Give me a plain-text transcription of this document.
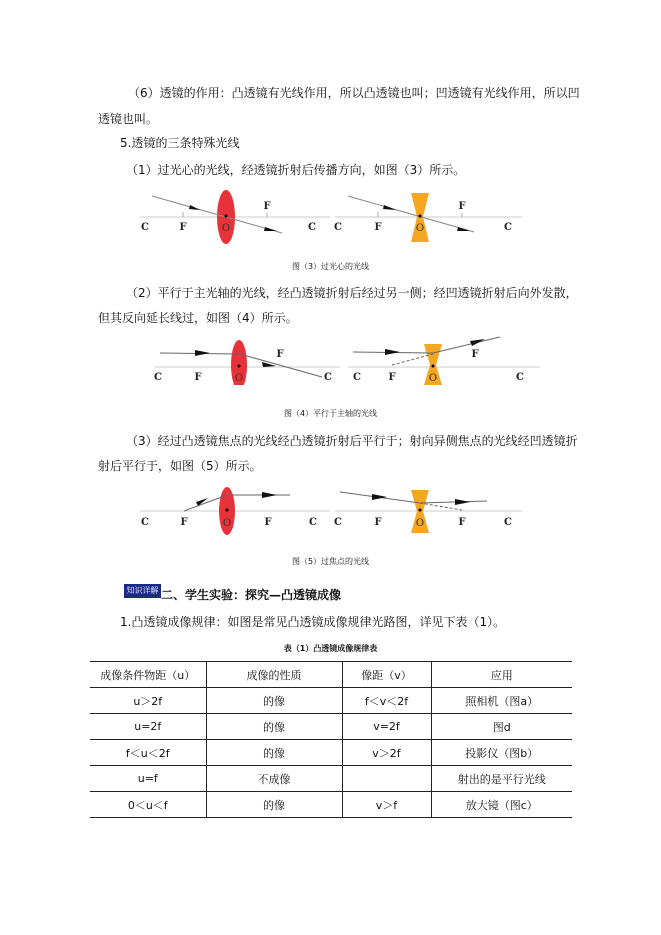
（6）透镜的作用：凸透镜有光线作用，所以凸透镜也叫；凹透镜有光线作用，所以凹
透镜也叫。
5.透镜的三条特殊光线
（1）过光心的光线，经透镜折射后传播方向，如图（3）所示。
C	F	O
F
C C	F	O
F
C
图（3）过光心的光线
（2）平行于主光轴的光线，经凸透镜折射后经过另一侧；经凹透镜折射后向外发散，
但其反向延长线过，如图（4）所示。
C	F	O
F
C C	F	O
F
C
图（4）平行于主轴的光线
（3）经过凸透镜焦点的光线经凸透镜折射后平行于；射向异侧焦点的光线经凹透镜折
射后平行于，如图（5）所示。
C	F	O	F	C C	F	O	F	C
图（5）过焦点的光线
知识详解 二、学生实验：探究—凸透镜成像
1.凸透镜成像规律：如图是常见凸透镜成像规律光路图，详见下表（1）。
表（1）凸透镜成像规律表
成像条件物距（u）	成像的性质	像距（v）	应用
u＞2f	的像	f＜v＜2f	照相机（图a）
u=2f	的像	v=2f	图d
f＜u＜2f	的像	v＞2f	投影仪（图b）
u=f	不成像		射出的是平行光线
0＜u＜f	的像	v＞f	放大镜（图c）
